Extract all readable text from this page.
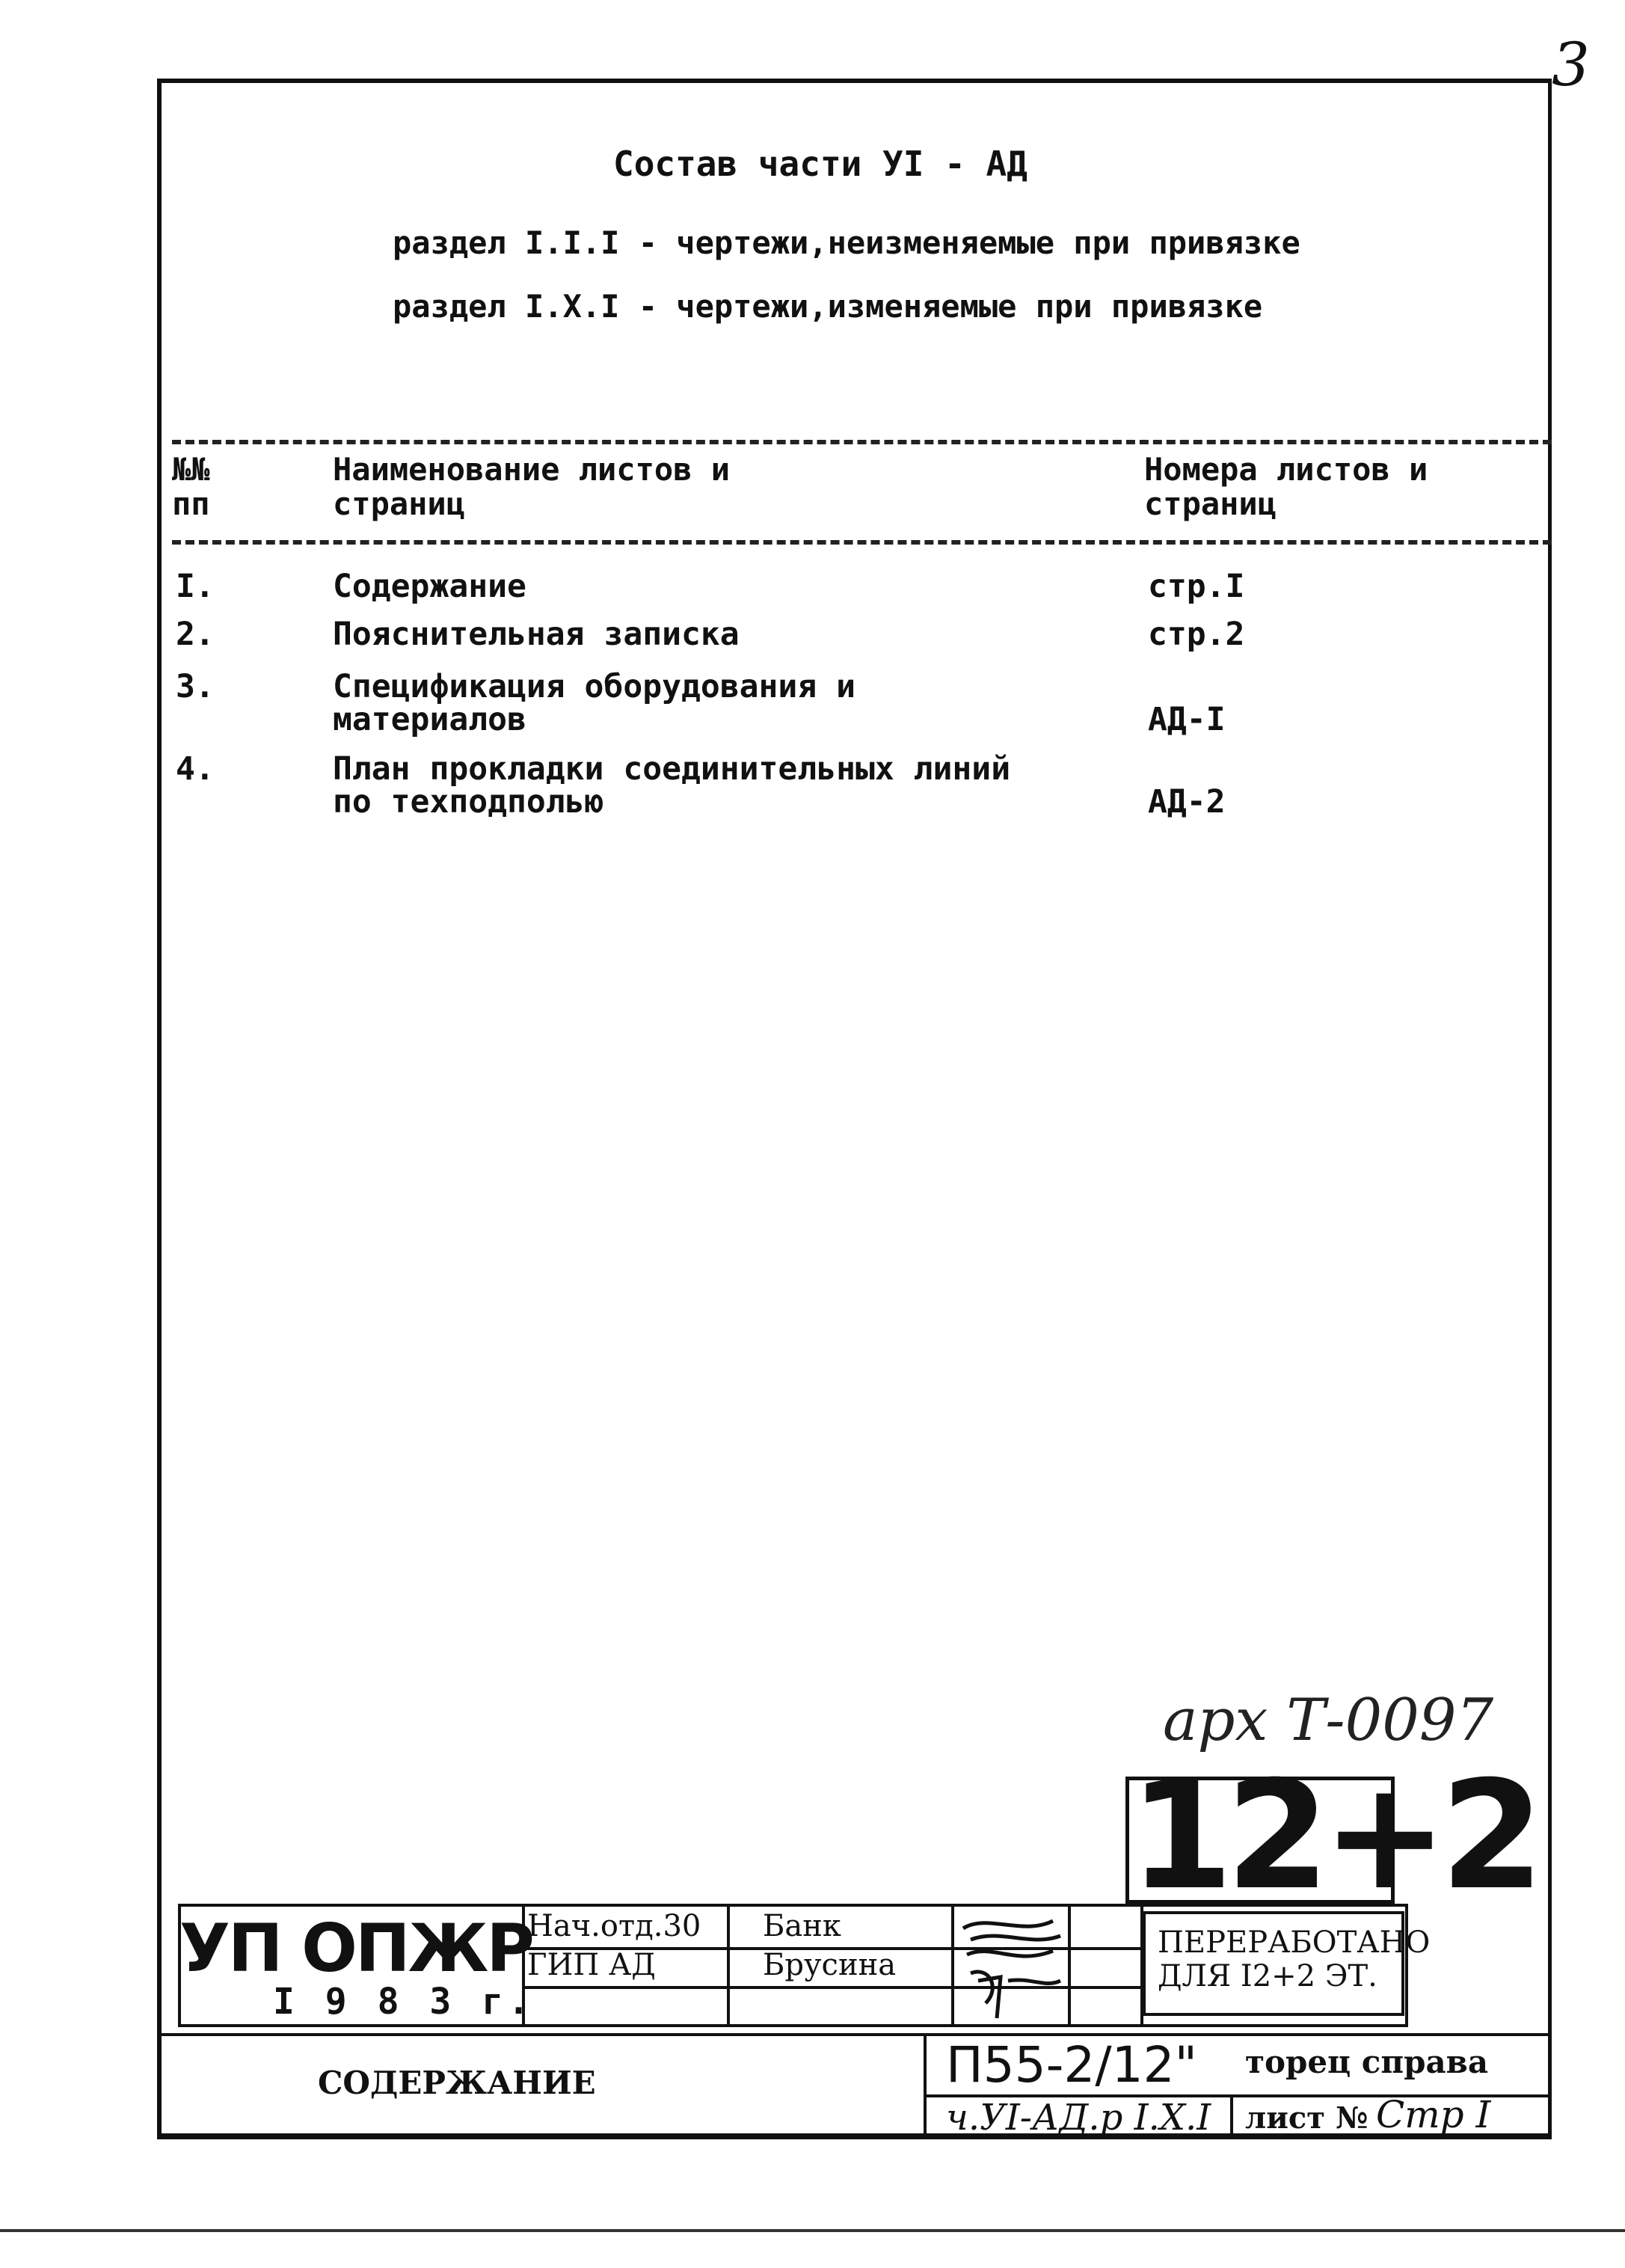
3
Состав части УI - АД
раздел I.I.I - чертежи,неизменяемые при привязке
раздел I.X.I - чертежи,изменяемые при привязке
№№ пп
Наименование листов и страниц
Номера листов и страниц
I.	Содержание	стр.I
2.	Пояснительная записка	стр.2
3.	Спецификация оборудования и
материалов	АД-I
4.	План прокладки соединительных линий
по техподполью	АД-2
арх Т-0097
12+2
УП ОПЖР
I 9 8 3 г.
Нач.отд.30
ГИП АД
Банк
Брусина
ПЕРЕРАБОТАНО
ДЛЯ I2+2 ЭТ.
СОДЕРЖАНИЕ	П55-2/12" торец справа
ч.УI-АД.р I.X.I лист № Стр I
